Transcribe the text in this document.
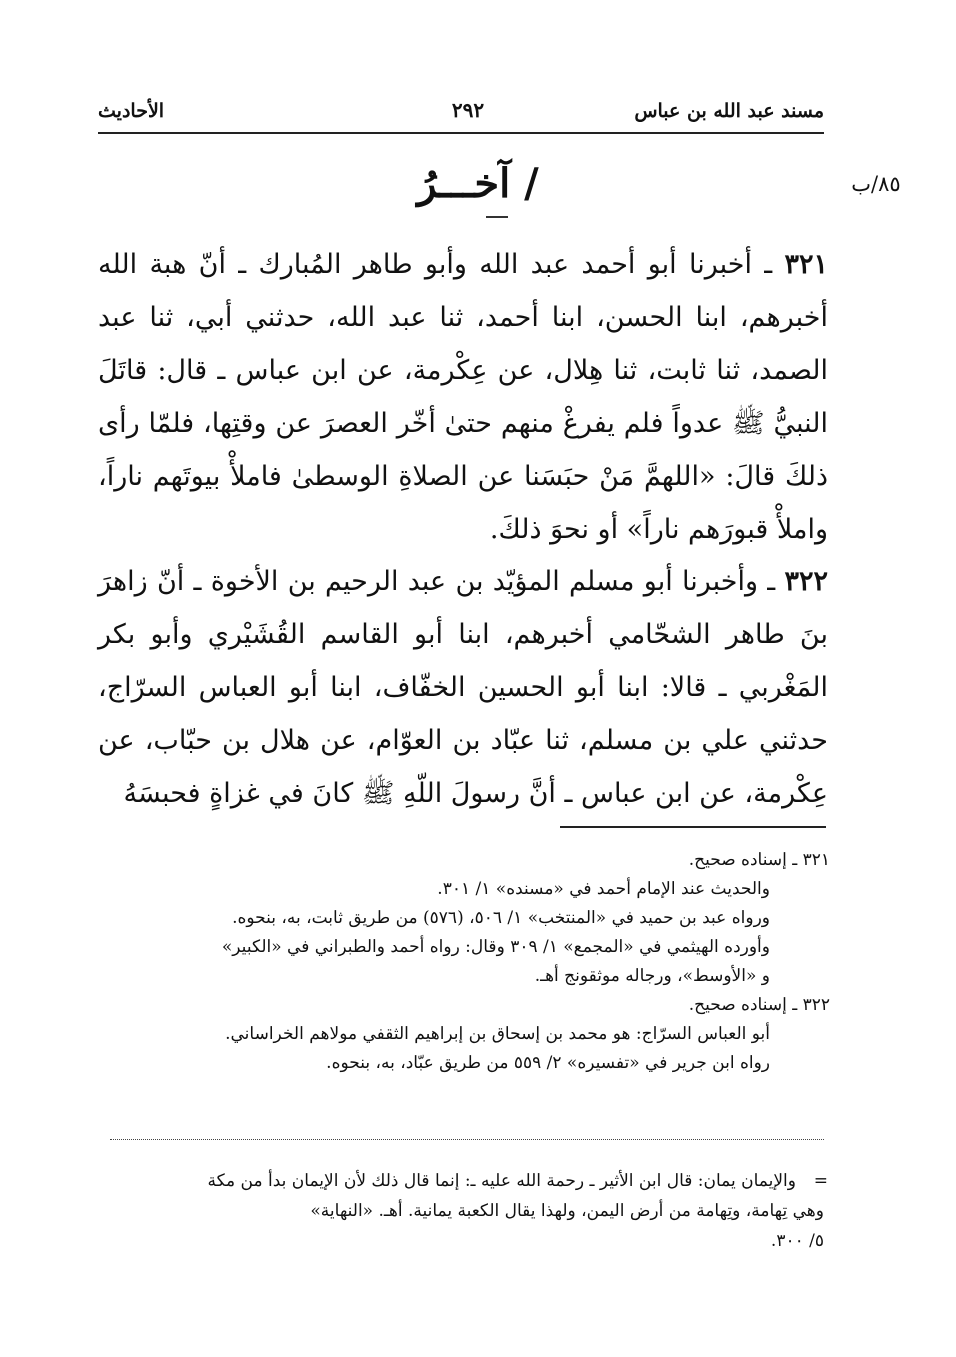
مسند عبد الله بن عباس
٢٩٢
الأحاديث
٨٥/ب
/ آخـــرُ

٣٢١ ـ أخبرنا أبو أحمد عبد الله وأبو طاهر المُبارك ـ أنّ هبة الله أخبرهم، ابنا الحسن، ابنا أحمد، ثنا عبد الله، حدثني أبي، ثنا عبد الصمد، ثنا ثابت، ثنا هِلال، عن عِكْرمة، عن ابن عباس ـ قال: قاتَلَ النبيُّ ﷺ عدواً فلم يفرغْ منهم حتىٰ أخّر العصرَ عن وقتِها، فلمّا رأى ذلكَ قالَ: «اللهمَّ مَنْ حبَسَنا عن الصلاةِ الوسطىٰ فاملأْ بيوتَهم ناراً، واملأْ قبورَهم ناراً» أو نحوَ ذلكَ.

٣٢٢ ـ وأخبرنا أبو مسلم المؤيّد بن عبد الرحيم بن الأخوة ـ أنّ زاهرَ بنَ طاهر الشحّامي أخبرهم، ابنا أبو القاسم القُشَيْري وأبو بكر المَغْربي ـ قالا: ابنا أبو الحسين الخفّاف، ابنا أبو العباس السرّاج، حدثني علي بن مسلم، ثنا عبّاد بن العوّام، عن هلال بن حبّاب، عن عِكْرمة، عن ابن عباس ـ أنَّ رسولَ اللّهِ ﷺ كانَ في غزاةٍ فحبسَهُ

٣٢١ ـ إسناده صحيح.
والحديث عند الإمام أحمد في «مسنده» ١/ ٣٠١.
ورواه عبد بن حميد في «المنتخب» ١/ ٥٠٦، (٥٧٦) من طريق ثابت، به، بنحوه.
وأورده الهيثمي في «المجمع» ١/ ٣٠٩ وقال: رواه أحمد والطبراني في «الكبير»
و «الأوسط»، ورجاله موثقونج أهـ.
٣٢٢ ـ إسناده صحيح.
أبو العباس السرّاج: هو محمد بن إسحاق بن إبراهيم الثقفي مولاهم الخراساني.
رواه ابن جرير في «تفسيره» ٢/ ٥٥٩ من طريق عبّاد، به، بنحوه.
=
والإيمان يمان: قال ابن الأثير ـ رحمة الله عليه ـ: إنما قال ذلك لأن الإيمان بدأ من مكة
وهي تِهامة، وتِهامة من أرض اليمن، ولهذا يقال الكعبة يمانية. أهـ. «النهاية»
٥/ ٣٠٠.
